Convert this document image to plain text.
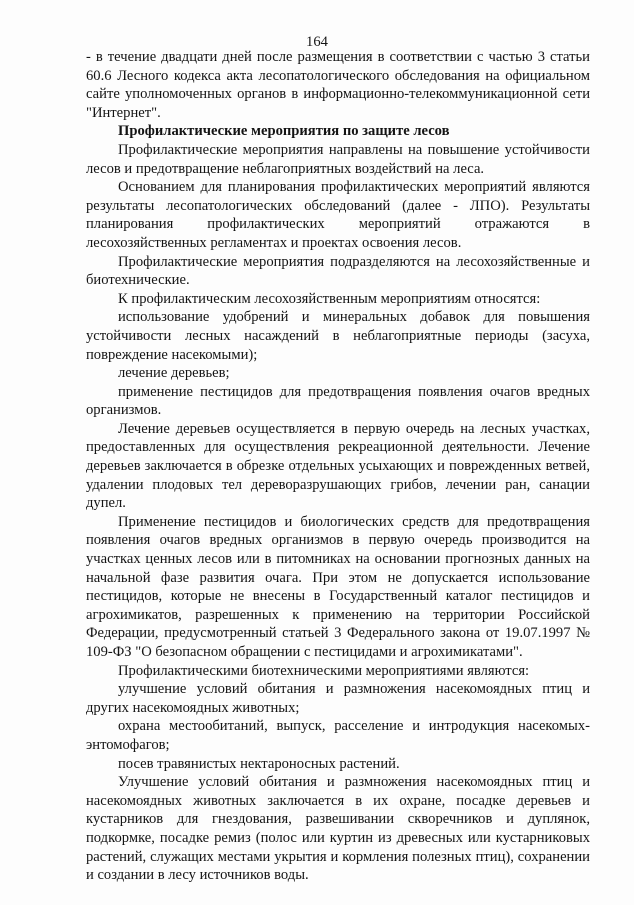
164

- в течение двадцати дней после размещения в соответствии с частью 3 статьи 60.6 Лесного кодекса акта лесопатологического обследования на официальном сайте уполномоченных органов в информационно-телекоммуникационной сети "Интернет".

Профилактические мероприятия по защите лесов

Профилактические мероприятия направлены на повышение устойчивости лесов и предотвращение неблагоприятных воздействий на леса.

Основанием для планирования профилактических мероприятий являются результаты лесопатологических обследований (далее - ЛПО). Результаты планирования профилактических мероприятий отражаются в лесохозяйственных регламентах и проектах освоения лесов.

Профилактические мероприятия подразделяются на лесохозяйственные и биотехнические.

К профилактическим лесохозяйственным мероприятиям относятся:

использование удобрений и минеральных добавок для повышения устойчивости лесных насаждений в неблагоприятные периоды (засуха, повреждение насекомыми);

лечение деревьев;

применение пестицидов для предотвращения появления очагов вредных организмов.

Лечение деревьев осуществляется в первую очередь на лесных участках, предоставленных для осуществления рекреационной деятельности. Лечение деревьев заключается в обрезке отдельных усыхающих и поврежденных ветвей, удалении плодовых тел дереворазрушающих грибов, лечении ран, санации дупел.

Применение пестицидов и биологических средств для предотвращения появления очагов вредных организмов в первую очередь производится на участках ценных лесов или в питомниках на основании прогнозных данных на начальной фазе развития очага. При этом не допускается использование пестицидов, которые не внесены в Государственный каталог пестицидов и агрохимикатов, разрешенных к применению на территории Российской Федерации, предусмотренный статьей 3 Федерального закона от 19.07.1997 № 109-ФЗ "О безопасном обращении с пестицидами и агрохимикатами".

Профилактическими биотехническими мероприятиями являются:

улучшение условий обитания и размножения насекомоядных птиц и других насекомоядных животных;

охрана местообитаний, выпуск, расселение и интродукция насекомых-энтомофагов;

посев травянистых нектароносных растений.

Улучшение условий обитания и размножения насекомоядных птиц и насекомоядных животных заключается в их охране, посадке деревьев и кустарников для гнездования, развешивании скворечников и дуплянок, подкормке, посадке ремиз (полос или куртин из древесных или кустарниковых растений, служащих местами укрытия и кормления полезных птиц), сохранении и создании в лесу источников воды.
